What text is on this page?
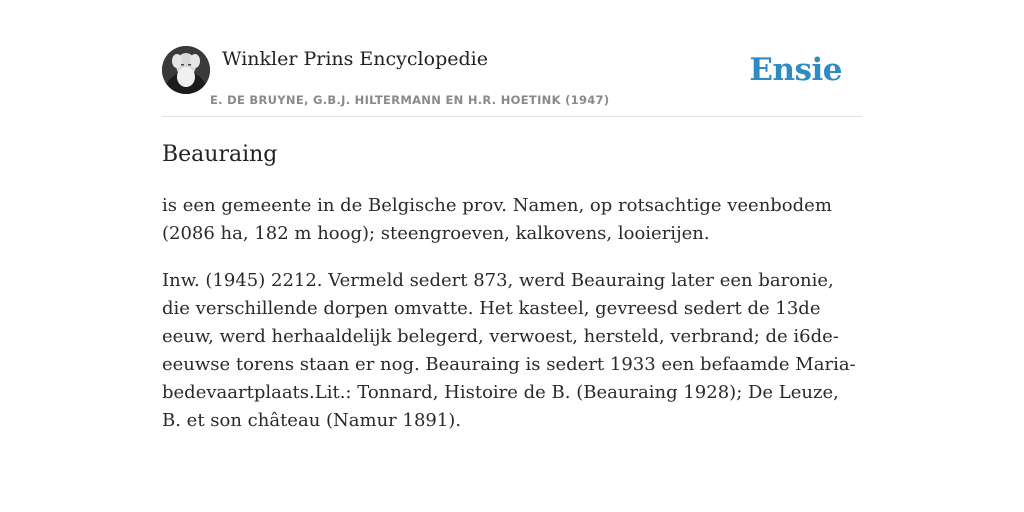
Winkler Prins Encyclopedie
E. DE BRUYNE, G.B.J. HILTERMANN EN H.R. HOETINK (1947)
Ensie
Beauraing

is een gemeente in de Belgische prov. Namen, op rotsachtige veenbodem (2086 ha, 182 m hoog); steengroeven, kalkovens, looierijen.

Inw. (1945) 2212. Vermeld sedert 873, werd Beauraing later een baronie, die verschillende dorpen omvatte. Het kasteel, gevreesd sedert de 13de eeuw, werd herhaaldelijk belegerd, verwoest, hersteld, verbrand; de i6de-eeuwse torens staan er nog. Beauraing is sedert 1933 een befaamde Maria-bedevaartplaats.Lit.: Tonnard, Histoire de B. (Beauraing 1928); De Leuze, B. et son château (Namur 1891).
